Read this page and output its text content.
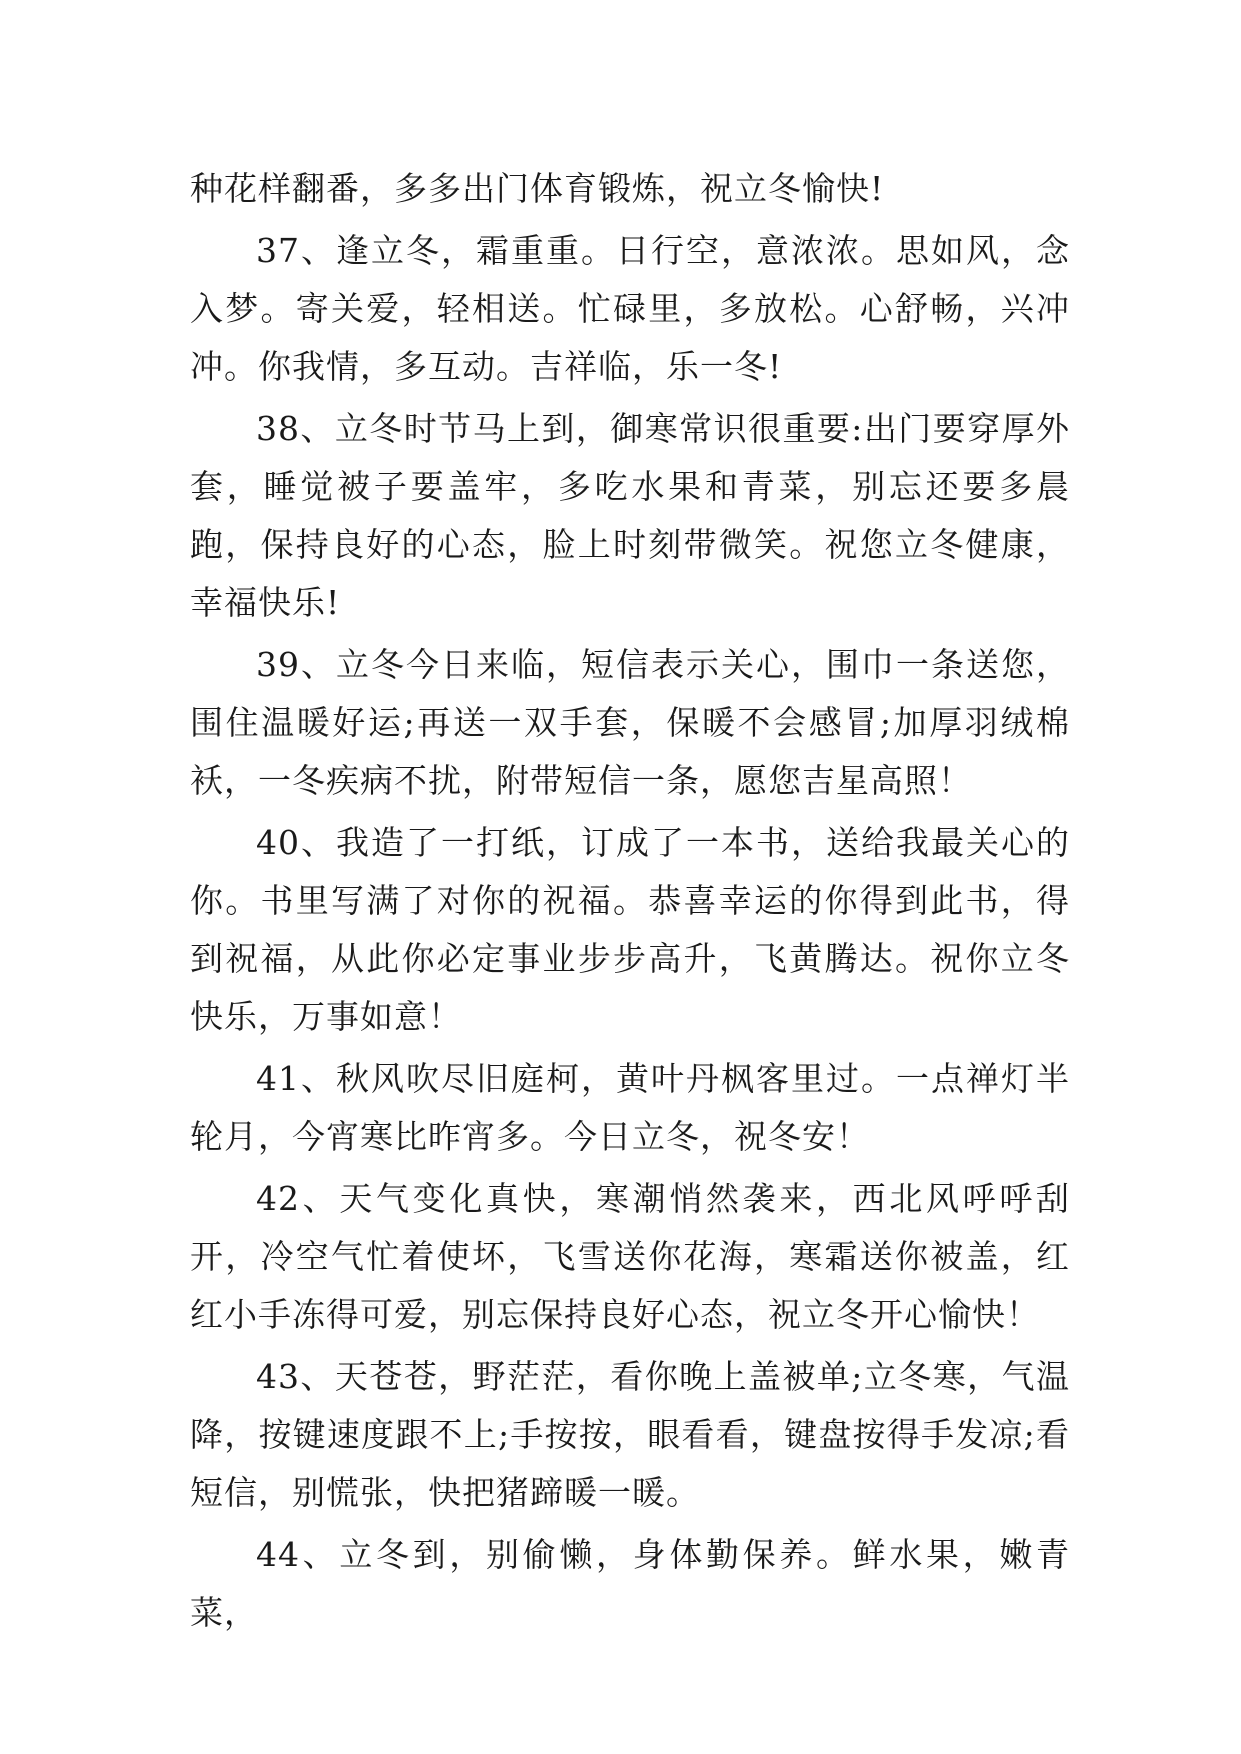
种花样翻番，多多出门体育锻炼，祝立冬愉快!

37、逢立冬，霜重重。日行空，意浓浓。思如风，念入梦。寄关爱，轻相送。忙碌里，多放松。心舒畅，兴冲冲。你我情，多互动。吉祥临，乐一冬!

38、立冬时节马上到，御寒常识很重要:出门要穿厚外套，睡觉被子要盖牢，多吃水果和青菜，别忘还要多晨跑，保持良好的心态，脸上时刻带微笑。祝您立冬健康，幸福快乐!

39、立冬今日来临，短信表示关心，围巾一条送您，围住温暖好运;再送一双手套，保暖不会感冒;加厚羽绒棉袄，一冬疾病不扰，附带短信一条，愿您吉星高照！

40、我造了一打纸，订成了一本书，送给我最关心的你。书里写满了对你的祝福。恭喜幸运的你得到此书，得到祝福，从此你必定事业步步高升，飞黄腾达。祝你立冬快乐，万事如意！

41、秋风吹尽旧庭柯，黄叶丹枫客里过。一点禅灯半轮月，今宵寒比昨宵多。今日立冬，祝冬安！

42、天气变化真快，寒潮悄然袭来，西北风呼呼刮开，冷空气忙着使坏，飞雪送你花海，寒霜送你被盖，红红小手冻得可爱，别忘保持良好心态，祝立冬开心愉快！

43、天苍苍，野茫茫，看你晚上盖被单;立冬寒，气温降，按键速度跟不上;手按按，眼看看，键盘按得手发凉;看短信，别慌张，快把猪蹄暖一暖。

44、立冬到，别偷懒，身体勤保养。鲜水果，嫩青菜，
